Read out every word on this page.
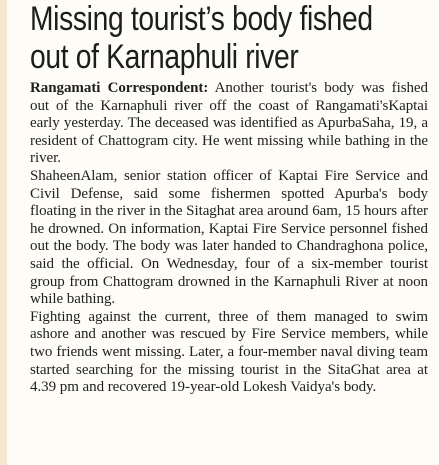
Missing tourist’s body fished
out of Karnaphuli river

Rangamati Correspondent: Another tourist's body was fished out of the Karnaphuli river off the coast of Rangamati'sKaptai early yesterday. The deceased was identified as ApurbaSaha, 19, a resident of Chattogram city. He went missing while bathing in the river.

ShaheenAlam, senior station officer of Kaptai Fire Service and Civil Defense, said some fishermen spotted Apurba's body floating in the river in the Sitaghat area around 6am, 15 hours after he drowned. On information, Kaptai Fire Service personnel fished out the body. The body was later handed to Chandraghona police, said the official. On Wednesday, four of a six-member tourist group from Chattogram drowned in the Karnaphuli River at noon while bathing.

Fighting against the current, three of them managed to swim ashore and another was rescued by Fire Service members, while two friends went missing. Later, a four-member naval diving team started searching for the missing tourist in the SitaGhat area at 4.39 pm and recovered 19-year-old Lokesh Vaidya's body.
